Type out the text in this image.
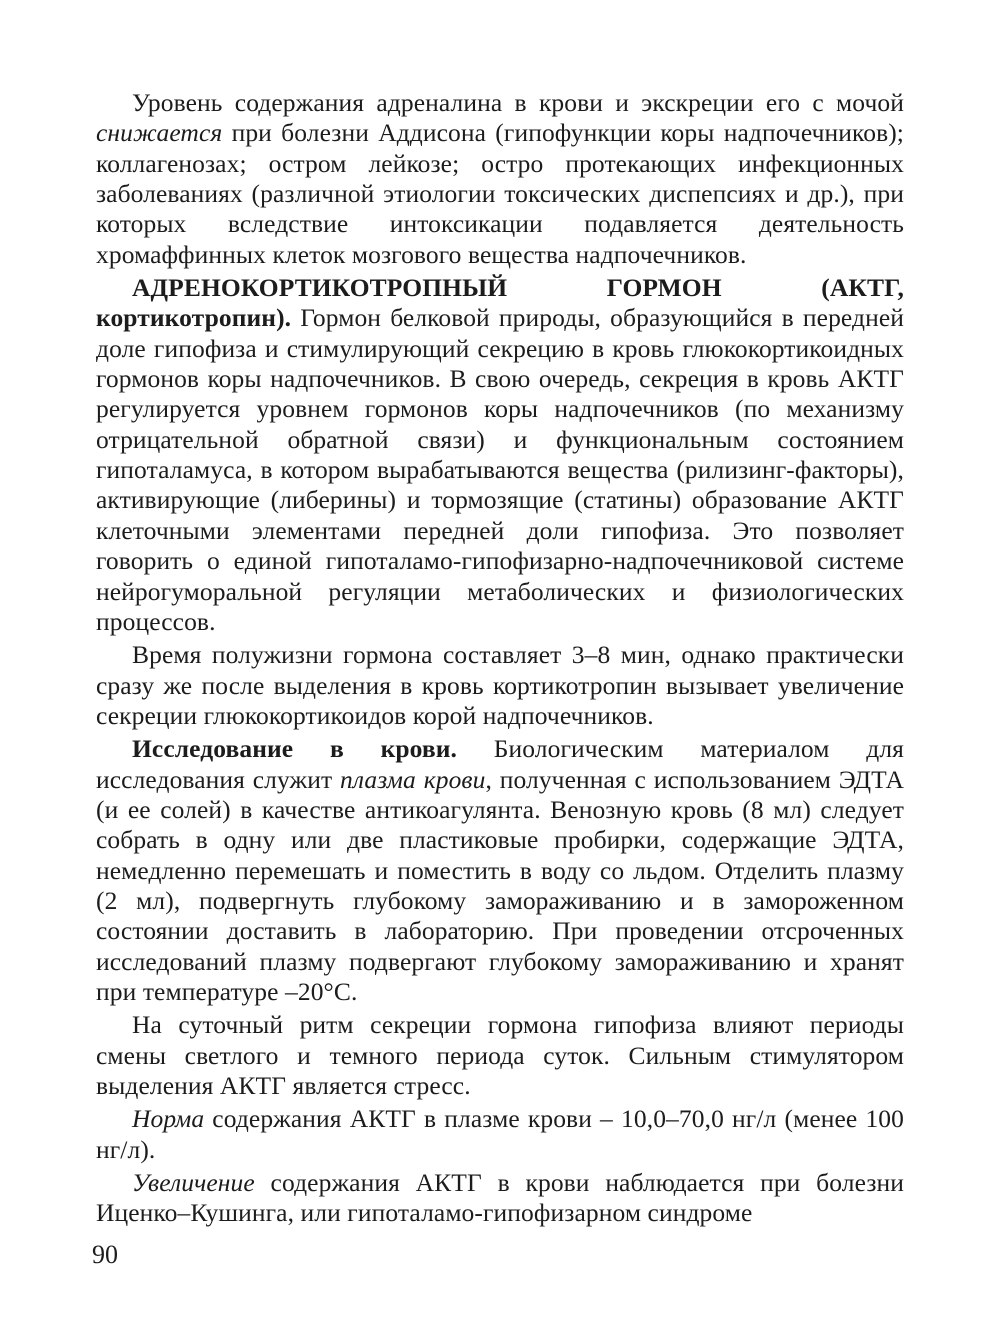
Уровень содержания адреналина в крови и экскреции его с мочой снижается при болезни Аддисона (гипофункции коры надпочечников); коллагенозах; остром лейкозе; остро протекающих инфекционных заболеваниях (различной этиологии токсических диспепсиях и др.), при которых вследствие интоксикации подавляется деятельность хромаффинных клеток мозгового вещества надпочечников.

АДРЕНОКОРТИКОТРОПНЫЙ ГОРМОН (АКТГ, кортикотропин). Гормон белковой природы, образующийся в передней доле гипофиза и стимулирующий секрецию в кровь глюкокортикоидных гормонов коры надпочечников. В свою очередь, секреция в кровь АКТГ регулируется уровнем гормонов коры надпочечников (по механизму отрицательной обратной связи) и функциональным состоянием гипоталамуса, в котором вырабатываются вещества (рилизинг-факторы), активирующие (либерины) и тормозящие (статины) образование АКТГ клеточными элементами передней доли гипофиза. Это позволяет говорить о единой гипоталамо-гипофизарно-надпочечниковой системе нейрогуморальной регуляции метаболических и физиологических процессов.

Время полужизни гормона составляет 3–8 мин, однако практически сразу же после выделения в кровь кортикотропин вызывает увеличение секреции глюкокортикоидов корой надпочечников.

Исследование в крови. Биологическим материалом для исследования служит плазма крови, полученная с использованием ЭДТА (и ее солей) в качестве антикоагулянта. Венозную кровь (8 мл) следует собрать в одну или две пластиковые пробирки, содержащие ЭДТА, немедленно перемешать и поместить в воду со льдом. Отделить плазму (2 мл), подвергнуть глубокому замораживанию и в замороженном состоянии доставить в лабораторию. При проведении отсроченных исследований плазму подвергают глубокому замораживанию и хранят при температуре –20°С.

На суточный ритм секреции гормона гипофиза влияют периоды смены светлого и темного периода суток. Сильным стимулятором выделения АКТГ является стресс.

Норма содержания АКТГ в плазме крови – 10,0–70,0 нг/л (менее 100 нг/л).

Увеличение содержания АКТГ в крови наблюдается при болезни Иценко–Кушинга, или гипоталамо-гипофизарном синдроме

90
